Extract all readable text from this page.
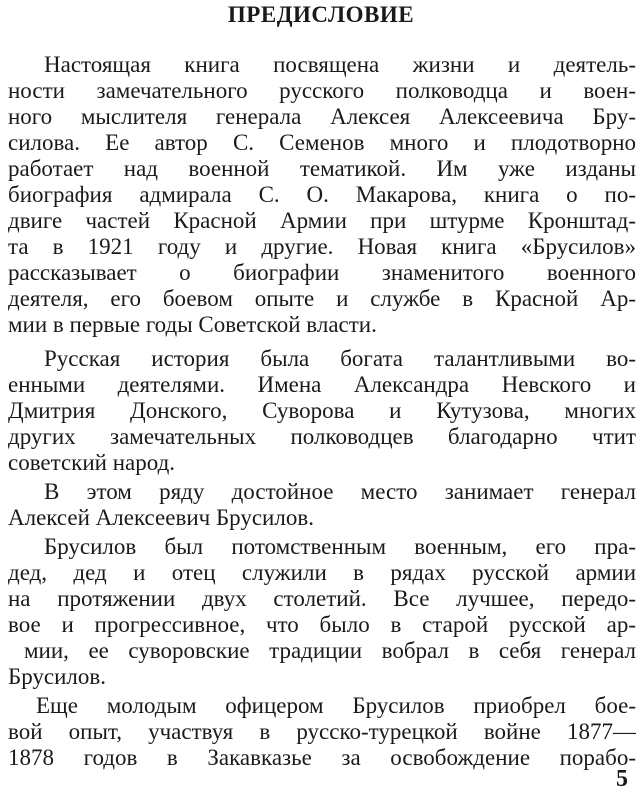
ПРЕДИСЛОВИЕ
Настоящая книга посвящена жизни и деятель-
ности замечательного русского полководца и воен-
ного мыслителя генерала Алексея Алексеевича Бру-
силова. Ее автор С. Семенов много и плодотворно
работает над военной тематикой. Им уже изданы
биография адмирала С. О. Макарова, книга о по-
двиге частей Красной Армии при штурме Кронштад-
та в 1921 году и другие. Новая книга «Брусилов»
рассказывает о биографии знаменитого военного
деятеля, его боевом опыте и службе в Красной Ар-
мии в первые годы Советской власти.
Русская история была богата талантливыми во-
енными деятелями. Имена Александра Невского и
Дмитрия Донского, Суворова и Кутузова, многих
других замечательных полководцев благодарно чтит
советский народ.
В этом ряду достойное место занимает генерал
Алексей Алексеевич Брусилов.
Брусилов был потомственным военным, его пра-
дед, дед и отец служили в рядах русской армии
на протяжении двух столетий. Все лучшее, передо-
вое и прогрессивное, что было в старой русской ар-
мии, ее суворовские традиции вобрал в себя генерал
Брусилов.
Еще молодым офицером Брусилов приобрел бое-
вой опыт, участвуя в русско-турецкой войне 1877—
1878 годов в Закавказье за освобождение порабо-
5
